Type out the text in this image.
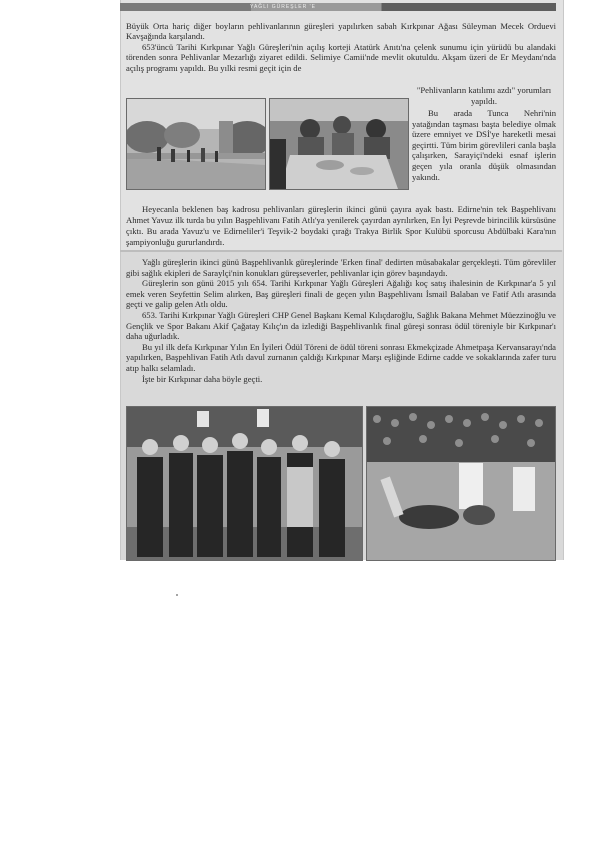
YAĞLI GÜREŞLER 'E

Büyük Orta hariç diğer boyların pehlivanlarının güreşleri yapılırken sabah Kırkpınar Ağası Süleyman Mecek Orduevi Kavşağında karşılandı.

653'üncü Tarihi Kırkpınar Yağlı Güreşleri'nin açılış korteji Atatürk Anıtı'na çelenk sunumu için yürüdü bu alandaki törenden sonra Pehlivanlar Mezarlığı ziyaret edildi. Selimiye Camii'nde mevlit okutuldu. Akşam üzeri de Er Meydanı'nda açılış programı yapıldı. Bu yılki resmi geçit için de

"Pehlivanların katılımı azdı" yorumları yapıldı.

Bu arada Tunca Nehri'nin yatağından taşması başta belediye olmak üzere emniyet ve DSİ'ye hareketli mesai geçirtti. Tüm birim görevlileri canla başla çalışırken, Sarayiçi'ndeki esnaf işlerin geçen yıla oranla düşük olmasından yakındı.

Heyecanla beklenen baş kadrosu pehlivanları güreşlerin ikinci günü çayıra ayak bastı. Edirne'nin tek Başpehlivanı Ahmet Yavuz ilk turda bu yılın Başpehlivanı Fatih Atlı'ya yenilerek çayırdan ayrılırken, En İyi Peşrevde birincilik kürsüsüne çıktı. Bu arada Yavuz'u ve Edirneliler'i Teşvik-2 boydaki çırağı Trakya Birlik Spor Kulübü sporcusu Abdülbaki Kara'nın şampiyonluğu gururlandırdı.

Yağlı güreşlerin ikinci günü Başpehlivanlık güreşlerinde 'Erken final' dedirten müsabakalar gerçekleşti. Tüm görevliler gibi sağlık ekipleri de Saraylçi'nin konukları güreşseverler, pehlivanlar için görev başındaydı.

Güreşlerin son günü 2015 yılı 654. Tarihi Kırkpınar Yağlı Güreşleri Ağalığı koç satış ihalesinin de Kırkpınar'a 5 yıl emek veren Seyfettin Selim alırken, Baş güreşleri finali de geçen yılın Başpehlivanı İsmail Balaban ve Fatif Atlı arasında geçti ve galip gelen Atlı oldu.

653. Tarihi Kırkpınar Yağlı Güreşleri CHP Genel Başkanı Kemal Kılıçdaroğlu, Sağlık Bakana Mehmet Müezzinoğlu ve Gençlik ve Spor Bakanı Akif Çağatay Kılıç'ın da izlediği Başpehlivanlık final güreşi sonrası ödül töreniyle bir Kırkpınar'ı daha uğurladık.

Bu yıl ilk defa Kırkpınar Yılın En İyileri Ödül Töreni de ödül töreni sonrası Ekmekçizade Ahmetpaşa Kervansarayı'nda yapılırken, Başpehlivan Fatih Atlı davul zurnanın çaldığı Kırkpınar Marşı eşliğinde Edirne cadde ve sokaklarında zafer turu atıp halkı selamladı.

İşte bir Kırkpınar daha böyle geçti.
